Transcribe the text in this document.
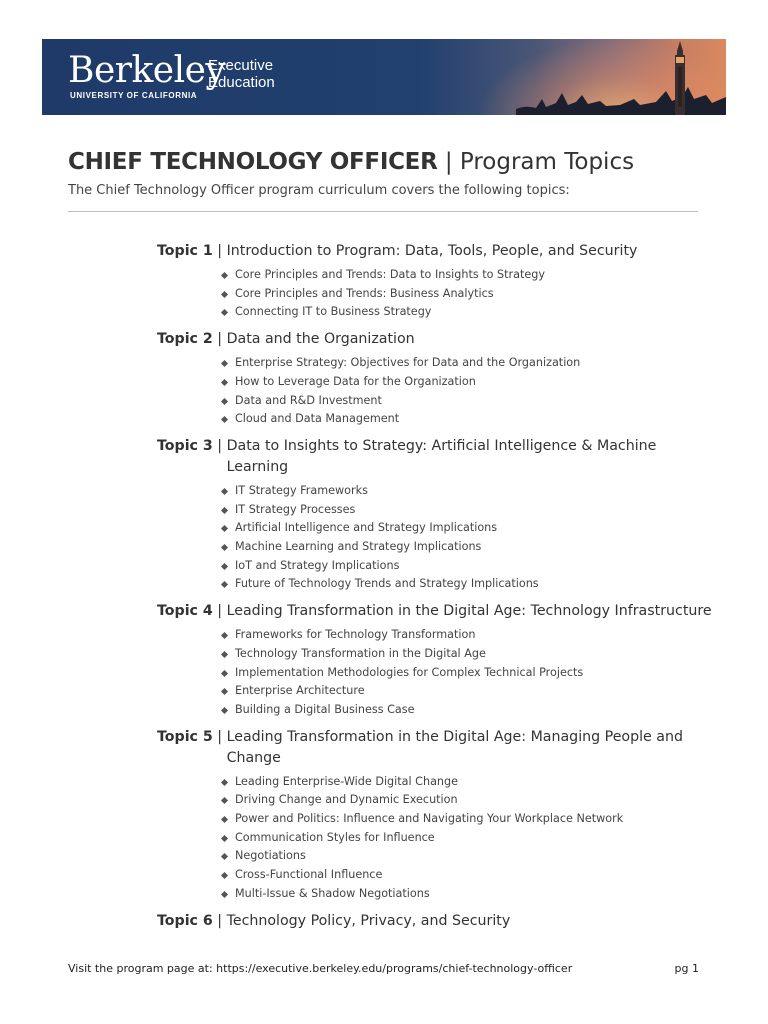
Berkeley
UNIVERSITY OF CALIFORNIA
Executive
Education
CHIEF TECHNOLOGY OFFICER | Program Topics
The Chief Technology Officer program curriculum covers the following topics:
Topic 1 | Introduction to Program: Data, Tools, People, and Security
Core Principles and Trends: Data to Insights to Strategy
Core Principles and Trends: Business Analytics
Connecting IT to Business Strategy
Topic 2 | Data and the Organization
Enterprise Strategy: Objectives for Data and the Organization
How to Leverage Data for the Organization
Data and R&D Investment
Cloud and Data Management
Topic 3 | Data to Insights to Strategy: Artificial Intelligence & Machine Learning
IT Strategy Frameworks
IT Strategy Processes
Artificial Intelligence and Strategy Implications
Machine Learning and Strategy Implications
IoT and Strategy Implications
Future of Technology Trends and Strategy Implications
Topic 4 | Leading Transformation in the Digital Age: Technology Infrastructure
Frameworks for Technology Transformation
Technology Transformation in the Digital Age
Implementation Methodologies for Complex Technical Projects
Enterprise Architecture
Building a Digital Business Case
Topic 5 | Leading Transformation in the Digital Age: Managing People and Change
Leading Enterprise-Wide Digital Change
Driving Change and Dynamic Execution
Power and Politics: Influence and Navigating Your Workplace Network
Communication Styles for Influence
Negotiations
Cross-Functional Influence
Multi-Issue & Shadow Negotiations
Topic 6 | Technology Policy, Privacy, and Security
Visit the program page at: https://executive.berkeley.edu/programs/chief-technology-officer	pg 1
